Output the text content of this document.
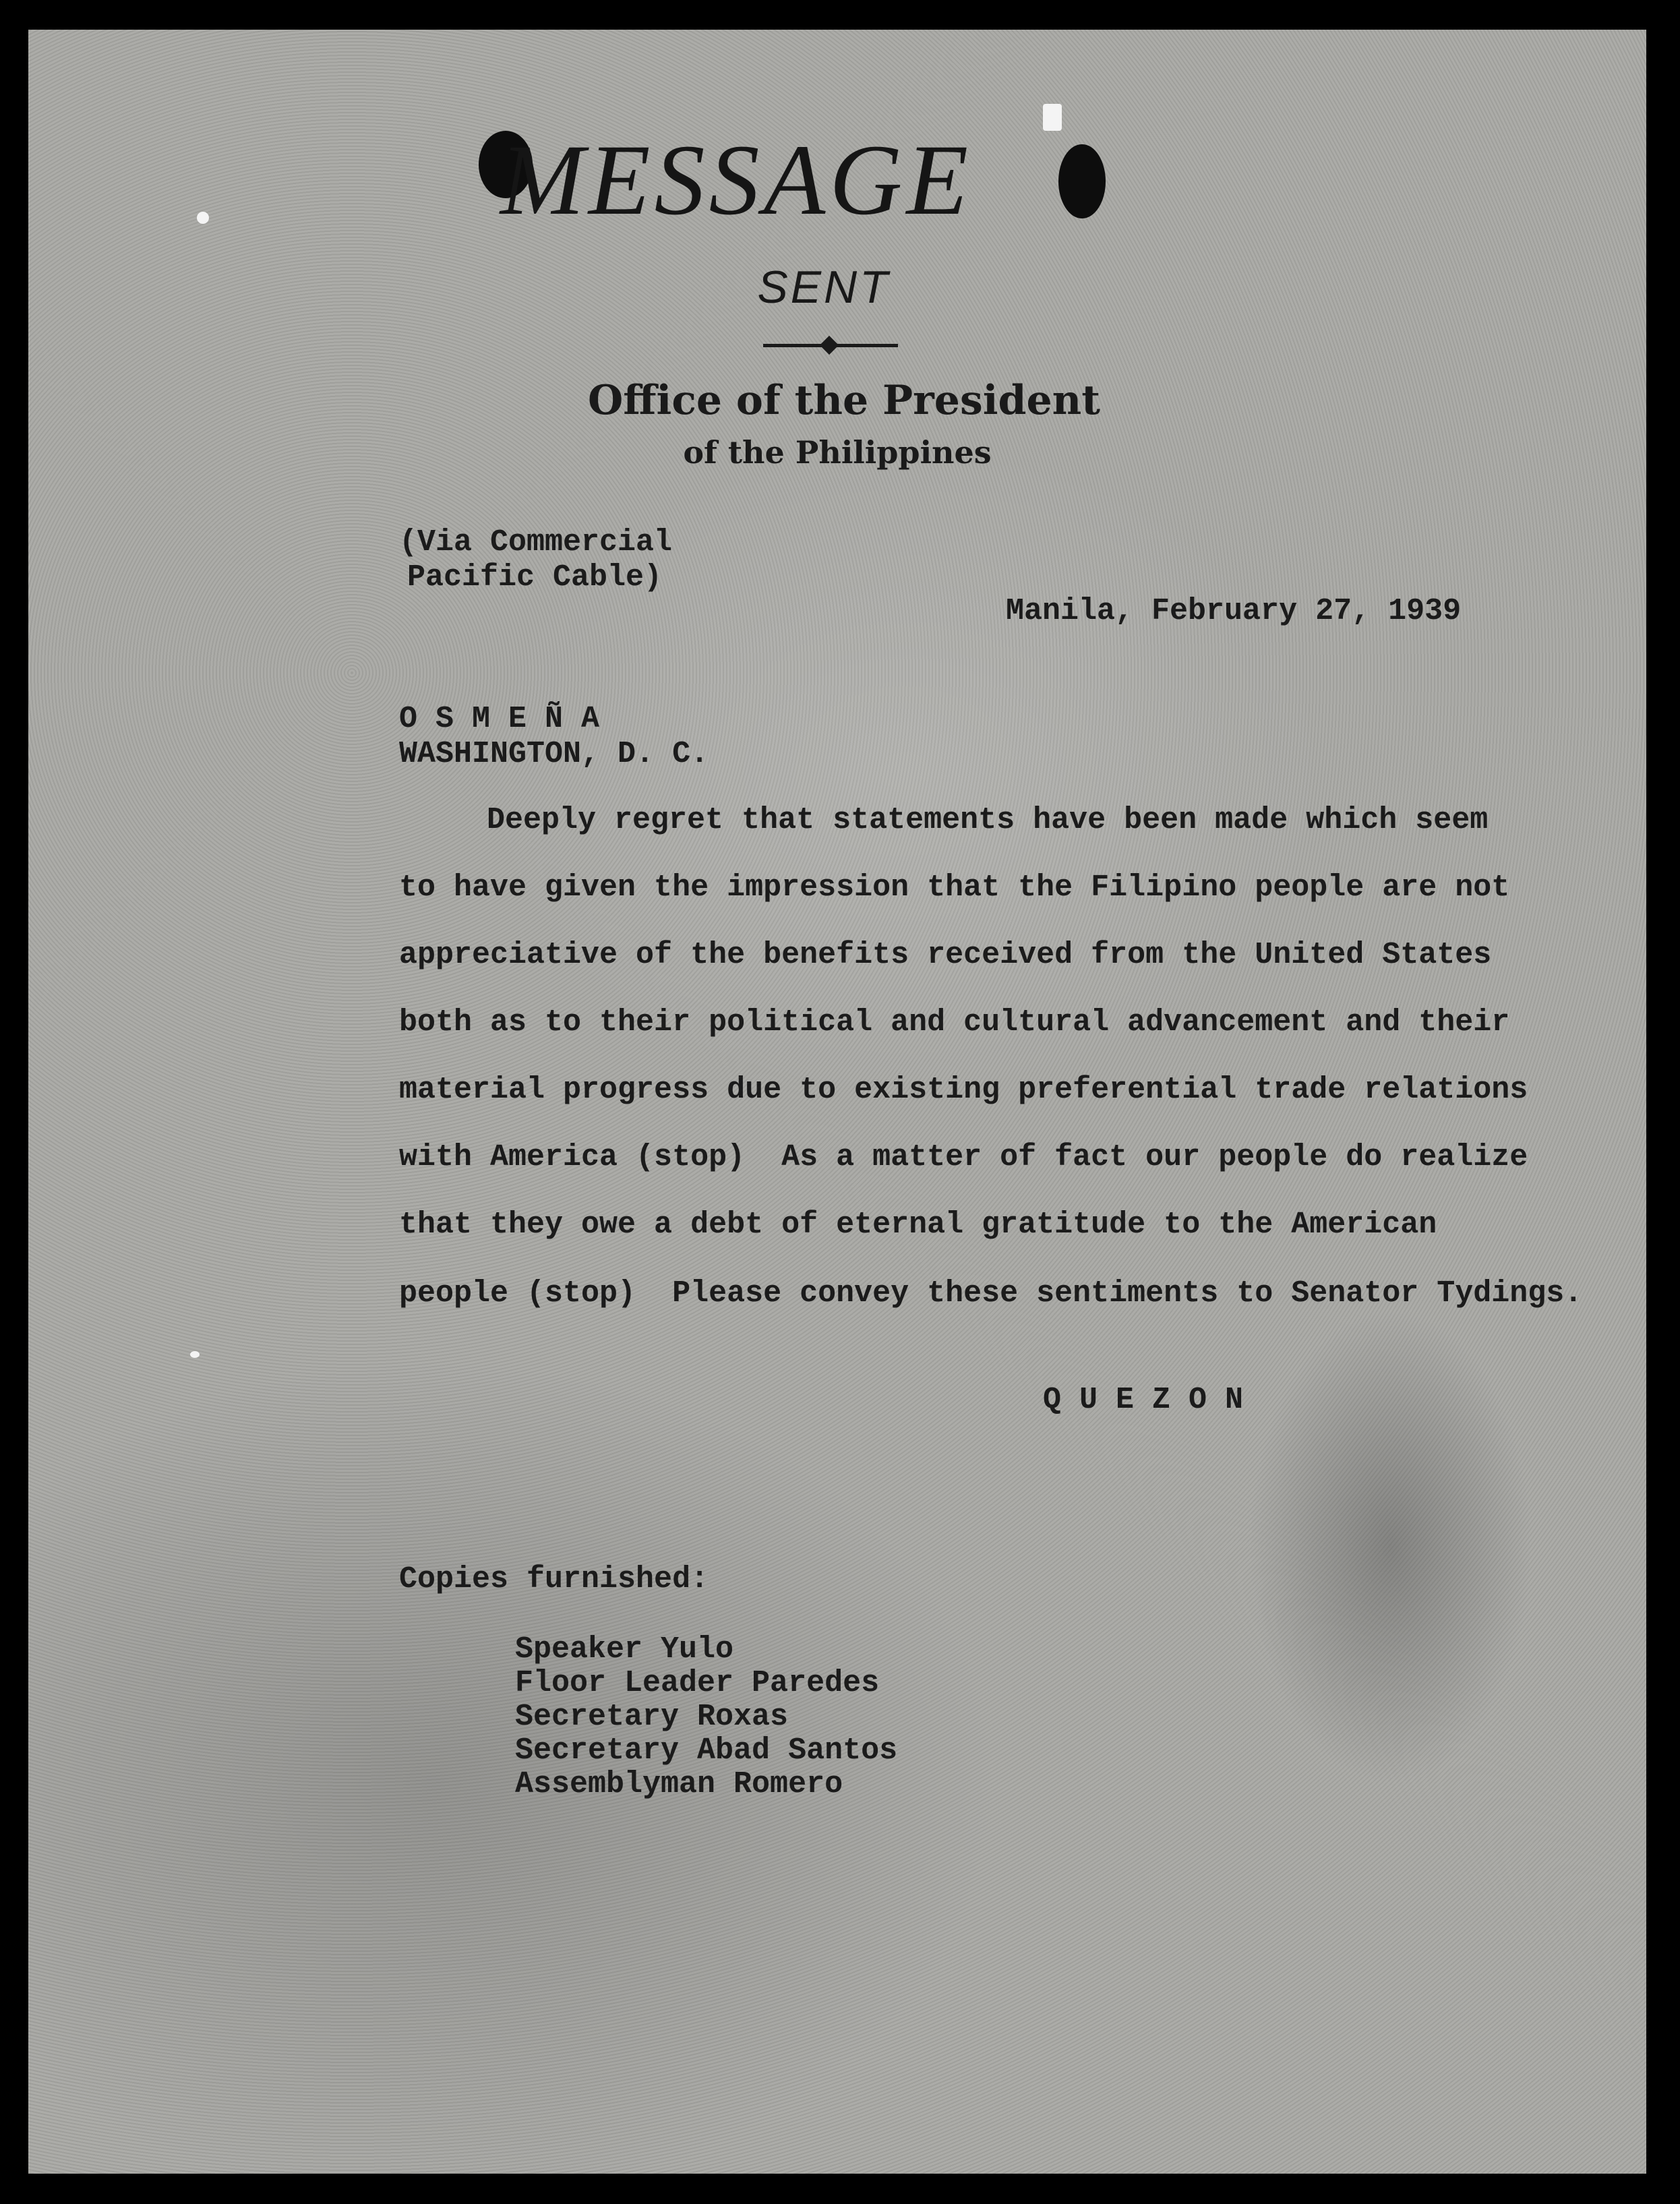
MESSAGE

SENT

Office of the President

of the Philippines

(Via Commercial

Pacific Cable)

Manila, February 27, 1939

O S M E Ñ A

WASHINGTON, D. C.

Deeply regret that statements have been made which seem

to have given the impression that the Filipino people are not

appreciative of the benefits received from the United States

both as to their political and cultural advancement and their

material progress due to existing preferential trade relations

with America (stop)  As a matter of fact our people do realize

that they owe a debt of eternal gratitude to the American

people (stop)  Please convey these sentiments to Senator Tydings.

Q U E Z O N

Copies furnished:

Speaker Yulo

Floor Leader Paredes

Secretary Roxas

Secretary Abad Santos

Assemblyman Romero
